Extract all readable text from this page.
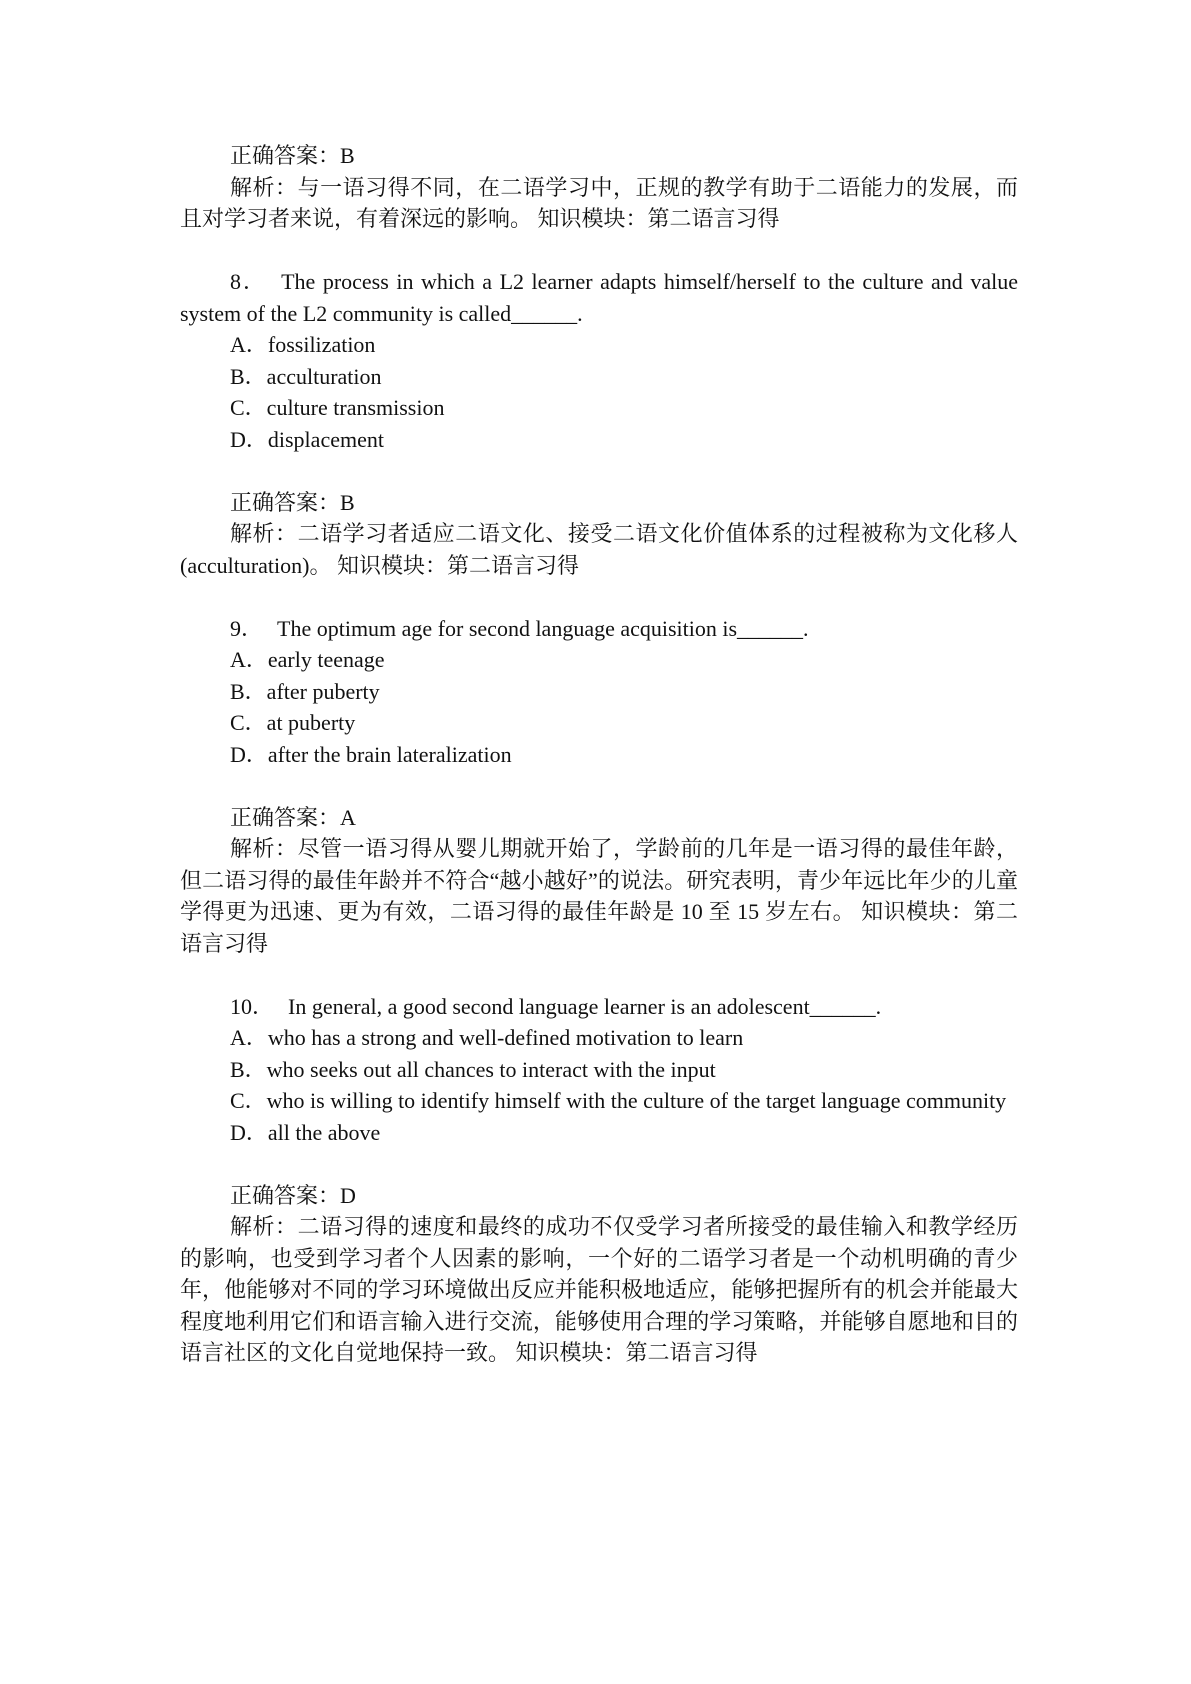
正确答案：B
解析：与一语习得不同，在二语学习中，正规的教学有助于二语能力的发展，而且对学习者来说，有着深远的影响。 知识模块：第二语言习得
8． The process in which a L2 learner adapts himself/herself to the culture and value system of the L2 community is called______.
A．fossilization
B．acculturation
C．culture transmission
D．displacement
正确答案：B
解析：二语学习者适应二语文化、接受二语文化价值体系的过程被称为文化移人(acculturation)。 知识模块：第二语言习得
9． The optimum age for second language acquisition is______.
A．early teenage
B．after puberty
C．at puberty
D．after the brain lateralization
正确答案：A
解析：尽管一语习得从婴儿期就开始了，学龄前的几年是一语习得的最佳年龄，但二语习得的最佳年龄并不符合“越小越好”的说法。研究表明，青少年远比年少的儿童学得更为迅速、更为有效，二语习得的最佳年龄是 10 至 15 岁左右。 知识模块：第二语言习得
10． In general, a good second language learner is an adolescent______.
A．who has a strong and well-defined motivation to learn
B．who seeks out all chances to interact with the input
C．who is willing to identify himself with the culture of the target language community
D．all the above
正确答案：D
解析：二语习得的速度和最终的成功不仅受学习者所接受的最佳输入和教学经历的影响，也受到学习者个人因素的影响，一个好的二语学习者是一个动机明确的青少年，他能够对不同的学习环境做出反应并能积极地适应，能够把握所有的机会并能最大程度地利用它们和语言输入进行交流，能够使用合理的学习策略，并能够自愿地和目的语言社区的文化自觉地保持一致。 知识模块：第二语言习得
